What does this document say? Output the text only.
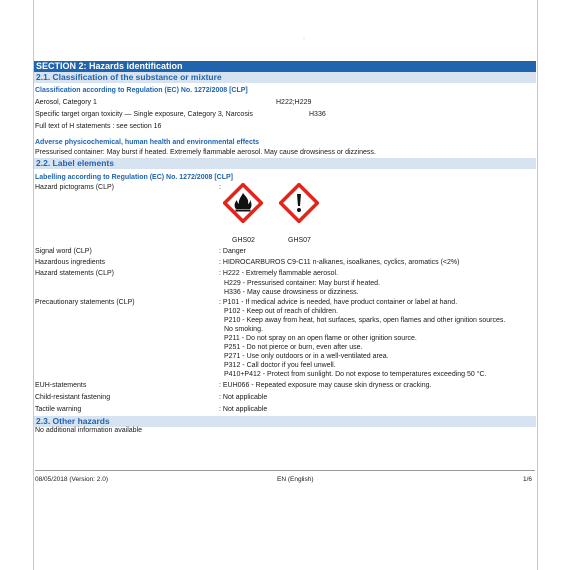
·
SECTION 2: Hazards identification
2.1. Classification of the substance or mixture
Classification according to Regulation (EC) No. 1272/2008 [CLP]
Aerosol, Category 1	H222;H229
Specific target organ toxicity — Single exposure, Category 3, Narcosis	H336
Full text of H statements : see section 16
Adverse physicochemical, human health and environmental effects
Pressurised container: May burst if heated. Extremely flammable aerosol. May cause drowsiness or dizziness.
2.2. Label elements
Labelling according to Regulation (EC) No. 1272/2008 [CLP]
Hazard pictograms (CLP)	:
GHS02	GHS07
Signal word (CLP)	: Danger
Hazardous ingredients	: HIDROCARBUROS C9-C11 n-alkanes, isoalkanes, cyclics, aromatics (<2%)
Hazard statements (CLP)	: H222 - Extremely flammable aerosol.
H229 - Pressurised container: May burst if heated.
H336 - May cause drowsiness or dizziness.
Precautionary statements (CLP)	: P101 - If medical advice is needed, have product container or label at hand.
P102 - Keep out of reach of children.
P210 - Keep away from heat, hot surfaces, sparks, open flames and other ignition sources.
No smoking.
P211 - Do not spray on an open flame or other ignition source.
P251 - Do not pierce or burn, even after use.
P271 - Use only outdoors or in a well-ventilated area.
P312 - Call doctor if you feel unwell.
P410+P412 - Protect from sunlight. Do not expose to temperatures exceeding 50 °C.
EUH-statements	: EUH066 - Repeated exposure may cause skin dryness or cracking.
Child-resistant fastening	: Not applicable
Tactile warning	: Not applicable
2.3. Other hazards
No additional information available
08/05/2018 (Version: 2.0)	EN (English)	1/6
